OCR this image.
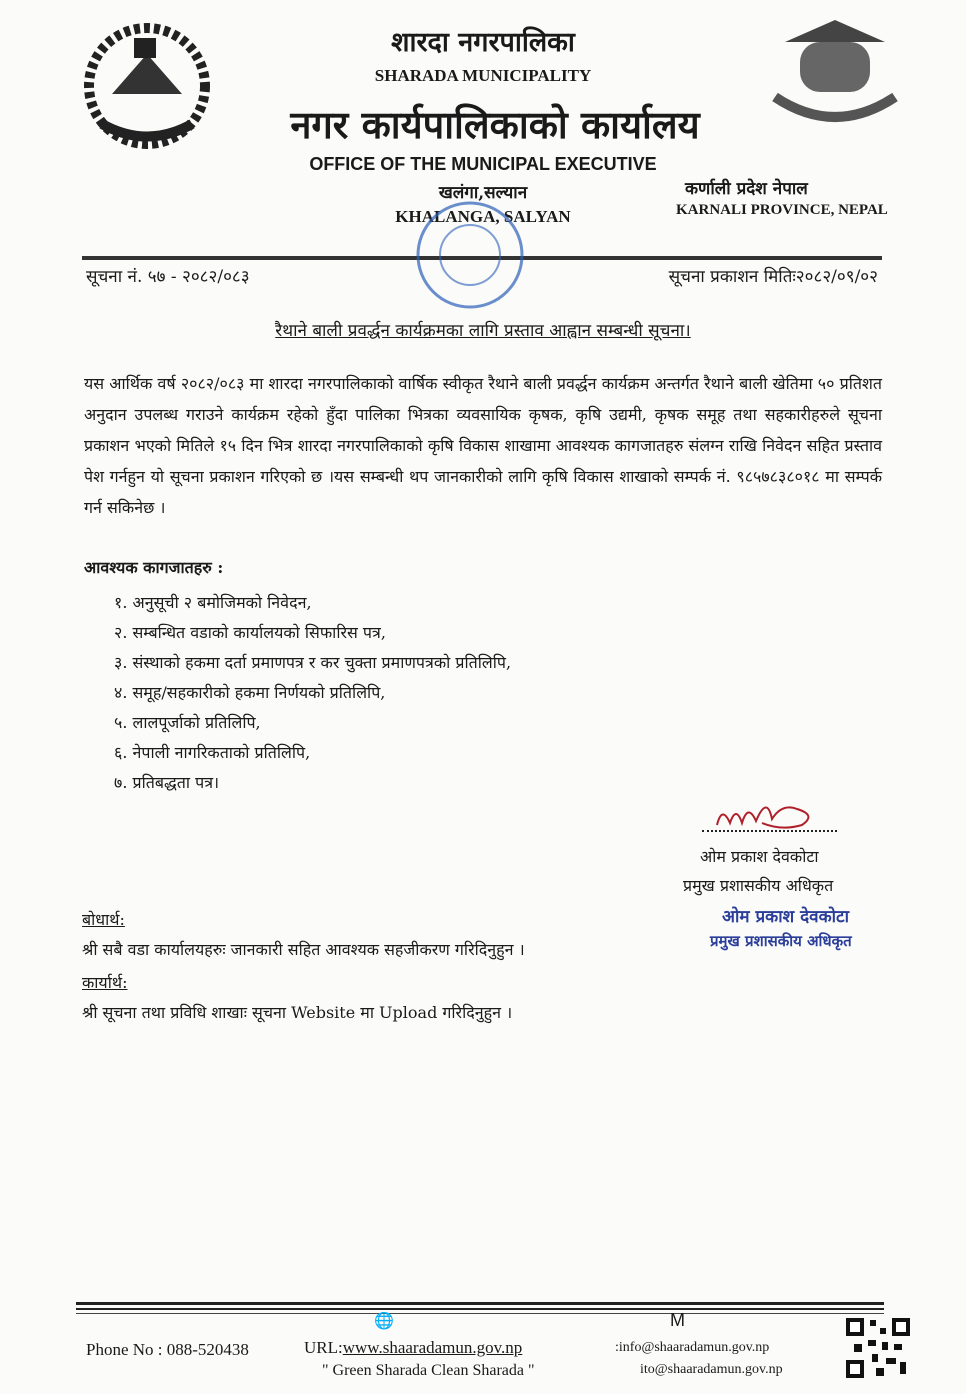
शारदा नगरपालिका
SHARADA MUNICIPALITY
नगर कार्यपालिकाको कार्यालय
OFFICE OF THE MUNICIPAL EXECUTIVE
खलंगा,सल्यान
KHALANGA, SALYAN
कर्णाली प्रदेश नेपाल
KARNALI PROVINCE, NEPAL
सूचना नं. ५७ - २०८२/०८३	सूचना प्रकाशन मितिः२०८२/०९/०२
रैथाने बाली प्रवर्द्धन कार्यक्रमका लागि प्रस्ताव आह्वान सम्बन्धी सूचना।
यस आर्थिक वर्ष २०८२/०८३ मा शारदा नगरपालिकाको वार्षिक स्वीकृत रैथाने बाली प्रवर्द्धन कार्यक्रम अन्तर्गत रैथाने बाली खेतिमा ५० प्रतिशत अनुदान उपलब्ध गराउने कार्यक्रम रहेको हुँदा पालिका भित्रका व्यवसायिक कृषक, कृषि उद्यमी, कृषक समूह तथा सहकारीहरुले सूचना प्रकाशन भएको मितिले १५ दिन भित्र शारदा नगरपालिकाको कृषि विकास शाखामा आवश्यक कागजातहरु संलग्न राखि निवेदन सहित प्रस्ताव पेश गर्नहुन यो सूचना प्रकाशन गरिएको छ ।यस सम्बन्धी थप जानकारीको लागि कृषि विकास शाखाको सम्पर्क नं. ९८५७८३८०१८ मा सम्पर्क गर्न सकिनेछ ।
आवश्यक कागजातहरु :
१. अनुसूची २ बमोजिमको निवेदन,
२. सम्बन्धित वडाको कार्यालयको सिफारिस पत्र,
३. संस्थाको हकमा दर्ता प्रमाणपत्र र कर चुक्ता प्रमाणपत्रको प्रतिलिपि,
४. समूह/सहकारीको हकमा निर्णयको प्रतिलिपि,
५. लालपूर्जाको प्रतिलिपि,
६. नेपाली नागरिकताको प्रतिलिपि,
७. प्रतिबद्धता पत्र।
ओम प्रकाश देवकोटा
प्रमुख प्रशासकीय अधिकृत
ओम प्रकाश देवकोटा
प्रमुख प्रशासकीय अधिकृत
बोधार्थ:
श्री सबै वडा कार्यालयहरुः जानकारी सहित आवश्यक सहजीकरण गरिदिनुहुन ।
कार्यार्थ:
श्री सूचना तथा प्रविधि शाखाः सूचना Website मा Upload गरिदिनुहुन ।
🌐	M
Phone No : 088-520438	URL:www.shaaradamun.gov.np
" Green Sharada Clean Sharada "
:info@shaaradamun.gov.np
ito@shaaradamun.gov.np
